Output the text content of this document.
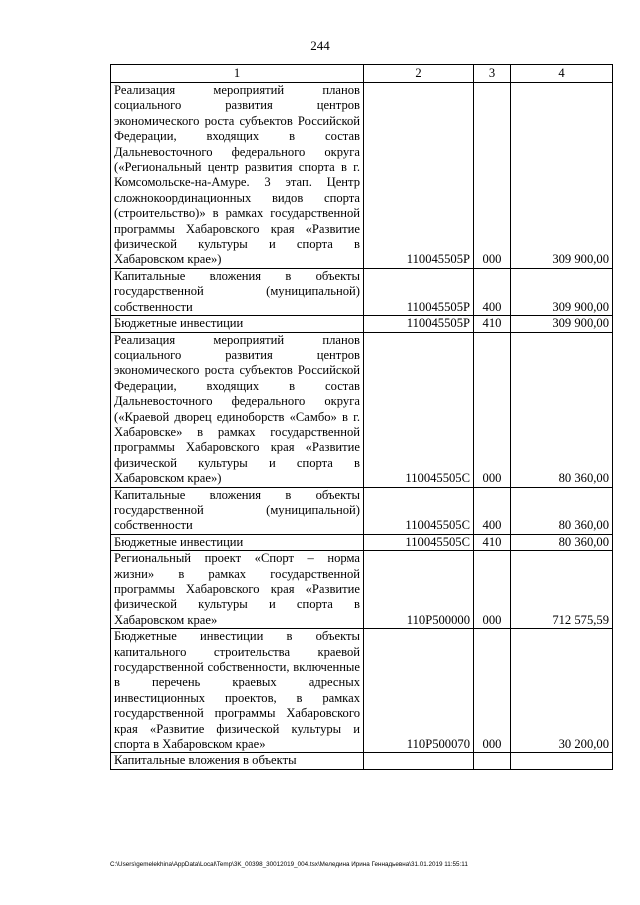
244
1	2	3	4
Реализация мероприятий планов социального развития центров экономического роста субъектов Российской Федерации, входящих в состав Дальневосточного федерального округа («Региональный центр развития спорта в г. Комсомольске-на-Амуре. 3 этап. Центр сложнокоординационных видов спорта (строительство)» в рамках государственной программы Хабаровского края «Развитие физической культуры и спорта в Хабаровском крае»)	110045505Р	000	309 900,00
Капитальные вложения в объекты государственной (муниципальной) собственности	110045505Р	400	309 900,00
Бюджетные инвестиции	110045505Р	410	309 900,00
Реализация мероприятий планов социального развития центров экономического роста субъектов Российской Федерации, входящих в состав Дальневосточного федерального округа («Краевой дворец единоборств «Самбо» в г. Хабаровске» в рамках государственной программы Хабаровского края «Развитие физической культуры и спорта в Хабаровском крае»)	110045505С	000	80 360,00
Капитальные вложения в объекты государственной (муниципальной) собственности	110045505С	400	80 360,00
Бюджетные инвестиции	110045505С	410	80 360,00
Региональный проект «Спорт – норма жизни» в рамках государственной программы Хабаровского края «Развитие физической культуры и спорта в Хабаровском крае»	110Р500000	000	712 575,59
Бюджетные инвестиции в объекты капитального строительства краевой государственной собственности, включенные в перечень краевых адресных инвестиционных проектов, в рамках государственной программы Хабаровского края «Развитие физической культуры и спорта в Хабаровском крае»	110Р500070	000	30 200,00
Капитальные вложения в объекты			
C:\Users\gemelekhina\AppData\Local\Temp\3K_00398_30012019_004.tsx\Меледина Ирина Геннадьевна\31.01.2019 11:55:11
